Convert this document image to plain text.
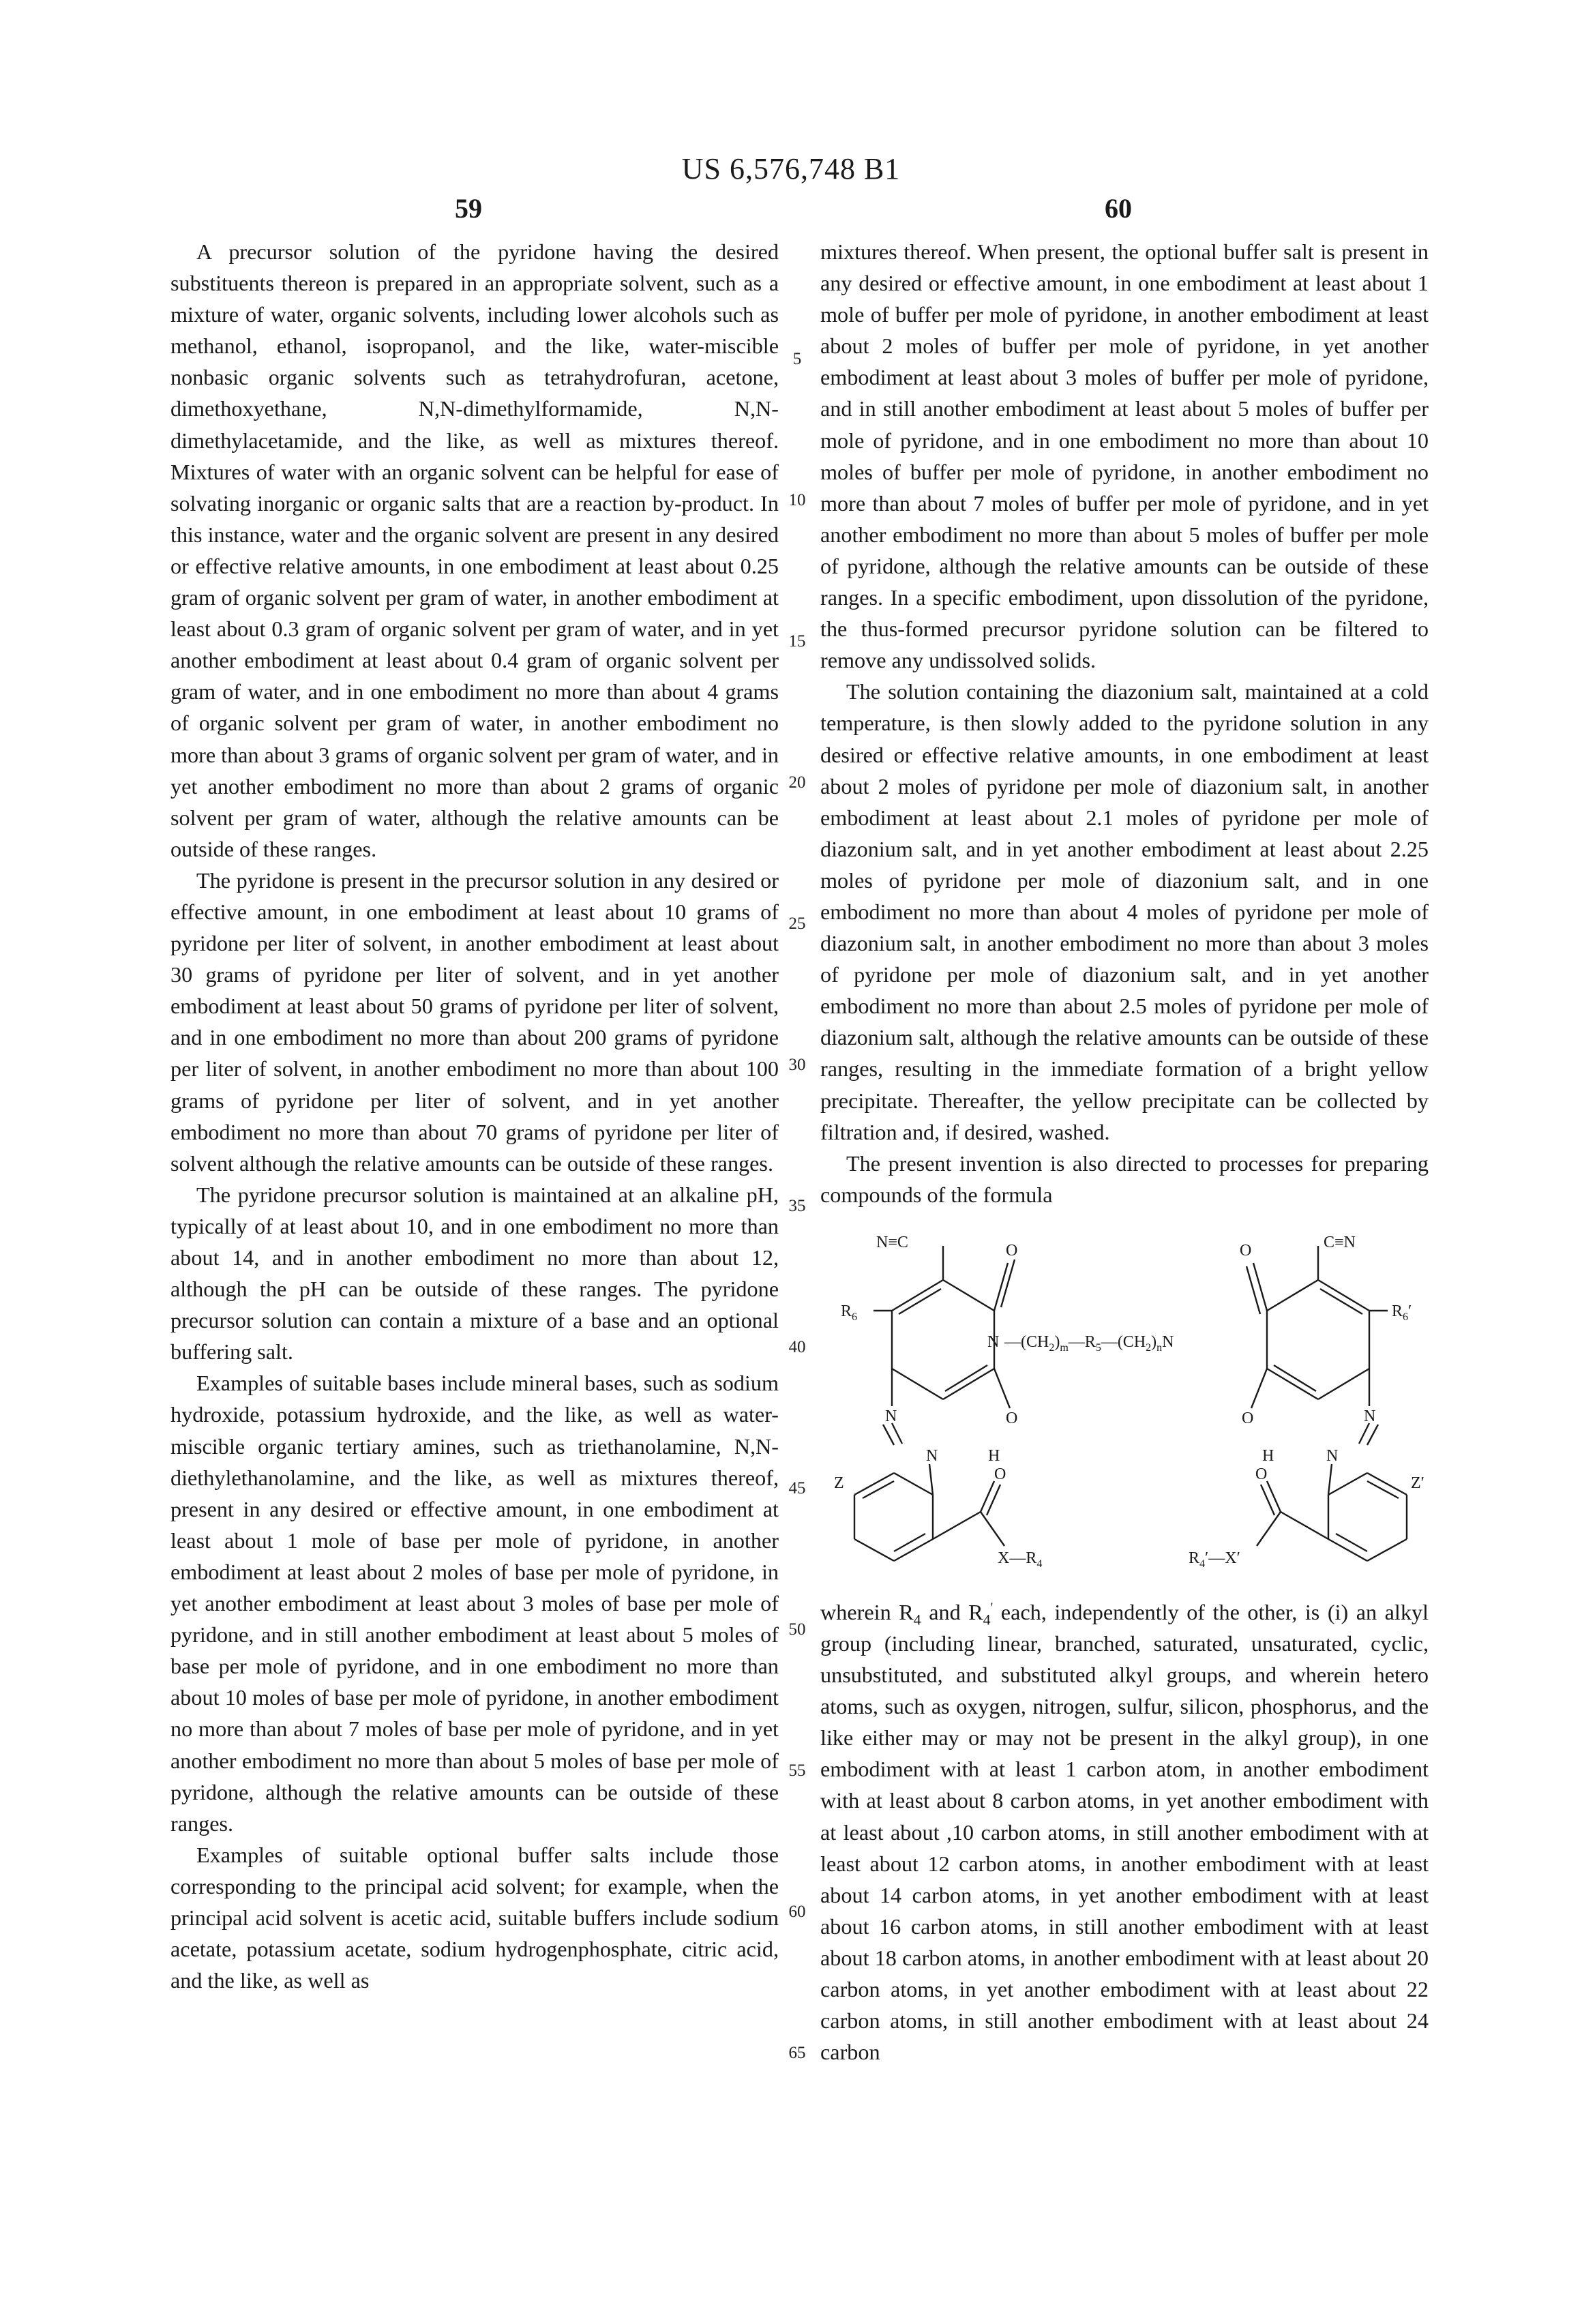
US 6,576,748 B1
59	60

A precursor solution of the pyridone having the desired substituents thereon is prepared in an appropriate solvent, such as a mixture of water, organic solvents, including lower alcohols such as methanol, ethanol, isopropanol, and the like, water-miscible nonbasic organic solvents such as tetrahydrofuran, acetone, dimethoxyethane, N,N-dimethylformamide, N,N-dimethylacetamide, and the like, as well as mixtures thereof. Mixtures of water with an organic solvent can be helpful for ease of solvating inorganic or organic salts that are a reaction by-product. In this instance, water and the organic solvent are present in any desired or effective relative amounts, in one embodiment at least about 0.25 gram of organic solvent per gram of water, in another embodiment at least about 0.3 gram of organic solvent per gram of water, and in yet another embodiment at least about 0.4 gram of organic solvent per gram of water, and in one embodiment no more than about 4 grams of organic solvent per gram of water, in another embodiment no more than about 3 grams of organic solvent per gram of water, and in yet another embodiment no more than about 2 grams of organic solvent per gram of water, although the relative amounts can be outside of these ranges.

The pyridone is present in the precursor solution in any desired or effective amount, in one embodiment at least about 10 grams of pyridone per liter of solvent, in another embodiment at least about 30 grams of pyridone per liter of solvent, and in yet another embodiment at least about 50 grams of pyridone per liter of solvent, and in one embodiment no more than about 200 grams of pyridone per liter of solvent, in another embodiment no more than about 100 grams of pyridone per liter of solvent, and in yet another embodiment no more than about 70 grams of pyridone per liter of solvent although the relative amounts can be outside of these ranges.

The pyridone precursor solution is maintained at an alkaline pH, typically of at least about 10, and in one embodiment no more than about 14, and in another embodiment no more than about 12, although the pH can be outside of these ranges. The pyridone precursor solution can contain a mixture of a base and an optional buffering salt.

Examples of suitable bases include mineral bases, such as sodium hydroxide, potassium hydroxide, and the like, as well as water-miscible organic tertiary amines, such as triethanolamine, N,N-diethylethanolamine, and the like, as well as mixtures thereof, present in any desired or effective amount, in one embodiment at least about 1 mole of base per mole of pyridone, in another embodiment at least about 2 moles of base per mole of pyridone, in yet another embodiment at least about 3 moles of base per mole of pyridone, and in still another embodiment at least about 5 moles of base per mole of pyridone, and in one embodiment no more than about 10 moles of base per mole of pyridone, in another embodiment no more than about 7 moles of base per mole of pyridone, and in yet another embodiment no more than about 5 moles of base per mole of pyridone, although the relative amounts can be outside of these ranges.

Examples of suitable optional buffer salts include those corresponding to the principal acid solvent; for example, when the principal acid solvent is acetic acid, suitable buffers include sodium acetate, potassium acetate, sodium hydrogenphosphate, citric acid, and the like, as well as

mixtures thereof. When present, the optional buffer salt is present in any desired or effective amount, in one embodiment at least about 1 mole of buffer per mole of pyridone, in another embodiment at least about 2 moles of buffer per mole of pyridone, in yet another embodiment at least about 3 moles of buffer per mole of pyridone, and in still another embodiment at least about 5 moles of buffer per mole of pyridone, and in one embodiment no more than about 10 moles of buffer per mole of pyridone, in another embodiment no more than about 7 moles of buffer per mole of pyridone, and in yet another embodiment no more than about 5 moles of buffer per mole of pyridone, although the relative amounts can be outside of these ranges. In a specific embodiment, upon dissolution of the pyridone, the thus-formed precursor pyridone solution can be filtered to remove any undissolved solids.

The solution containing the diazonium salt, maintained at a cold temperature, is then slowly added to the pyridone solution in any desired or effective relative amounts, in one embodiment at least about 2 moles of pyridone per mole of diazonium salt, in another embodiment at least about 2.1 moles of pyridone per mole of diazonium salt, and in yet another embodiment at least about 2.25 moles of pyridone per mole of diazonium salt, and in one embodiment no more than about 4 moles of pyridone per mole of diazonium salt, in another embodiment no more than about 3 moles of pyridone per mole of diazonium salt, and in yet another embodiment no more than about 2.5 moles of pyridone per mole of diazonium salt, although the relative amounts can be outside of these ranges, resulting in the immediate formation of a bright yellow precipitate. Thereafter, the yellow precipitate can be collected by filtration and, if desired, washed.

The present invention is also directed to processes for preparing compounds of the formula

N≡C	O
R6
N —(CH2)m—R5—(CH2)nN
O
N
N	H
O
Z
X—R4
O	C≡N
R6′
O	N
N
H
O	Z′
R4′—X′

wherein R4 and R4' each, independently of the other, is (i) an alkyl group (including linear, branched, saturated, unsaturated, cyclic, unsubstituted, and substituted alkyl groups, and wherein hetero atoms, such as oxygen, nitrogen, sulfur, silicon, phosphorus, and the like either may or may not be present in the alkyl group), in one embodiment with at least 1 carbon atom, in another embodiment with at least about 8 carbon atoms, in yet another embodiment with at least about ,10 carbon atoms, in still another embodiment with at least about 12 carbon atoms, in another embodiment with at least about 14 carbon atoms, in yet another embodiment with at least about 16 carbon atoms, in still another embodiment with at least about 18 carbon atoms, in another embodiment with at least about 20 carbon atoms, in yet another embodiment with at least about 22 carbon atoms, in still another embodiment with at least about 24 carbon

5
10
15
20
25
30
35
40
45
50
55
60
65
